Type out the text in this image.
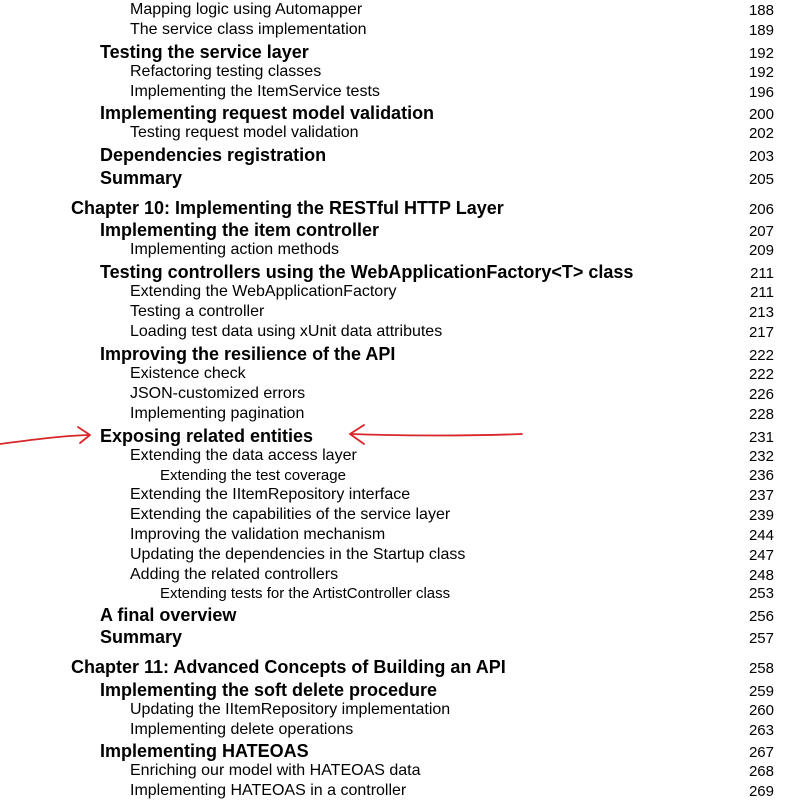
Mapping logic using Automapper	188
The service class implementation	189
Testing the service layer	192
Refactoring testing classes	192
Implementing the ItemService tests	196
Implementing request model validation	200
Testing request model validation	202
Dependencies registration	203
Summary	205
Chapter 10: Implementing the RESTful HTTP Layer	206
Implementing the item controller	207
Implementing action methods	209
Testing controllers using the WebApplicationFactory<T> class	211
Extending the WebApplicationFactory	211
Testing a controller	213
Loading test data using xUnit data attributes	217
Improving the resilience of the API	222
Existence check	222
JSON-customized errors	226
Implementing pagination	228
Exposing related entities	231
Extending the data access layer	232
Extending the test coverage	236
Extending the IItemRepository interface	237
Extending the capabilities of the service layer	239
Improving the validation mechanism	244
Updating the dependencies in the Startup class	247
Adding the related controllers	248
Extending tests for the ArtistController class	253
A final overview	256
Summary	257
Chapter 11: Advanced Concepts of Building an API	258
Implementing the soft delete procedure	259
Updating the IItemRepository implementation	260
Implementing delete operations	263
Implementing HATEOAS	267
Enriching our model with HATEOAS data	268
Implementing HATEOAS in a controller	269
